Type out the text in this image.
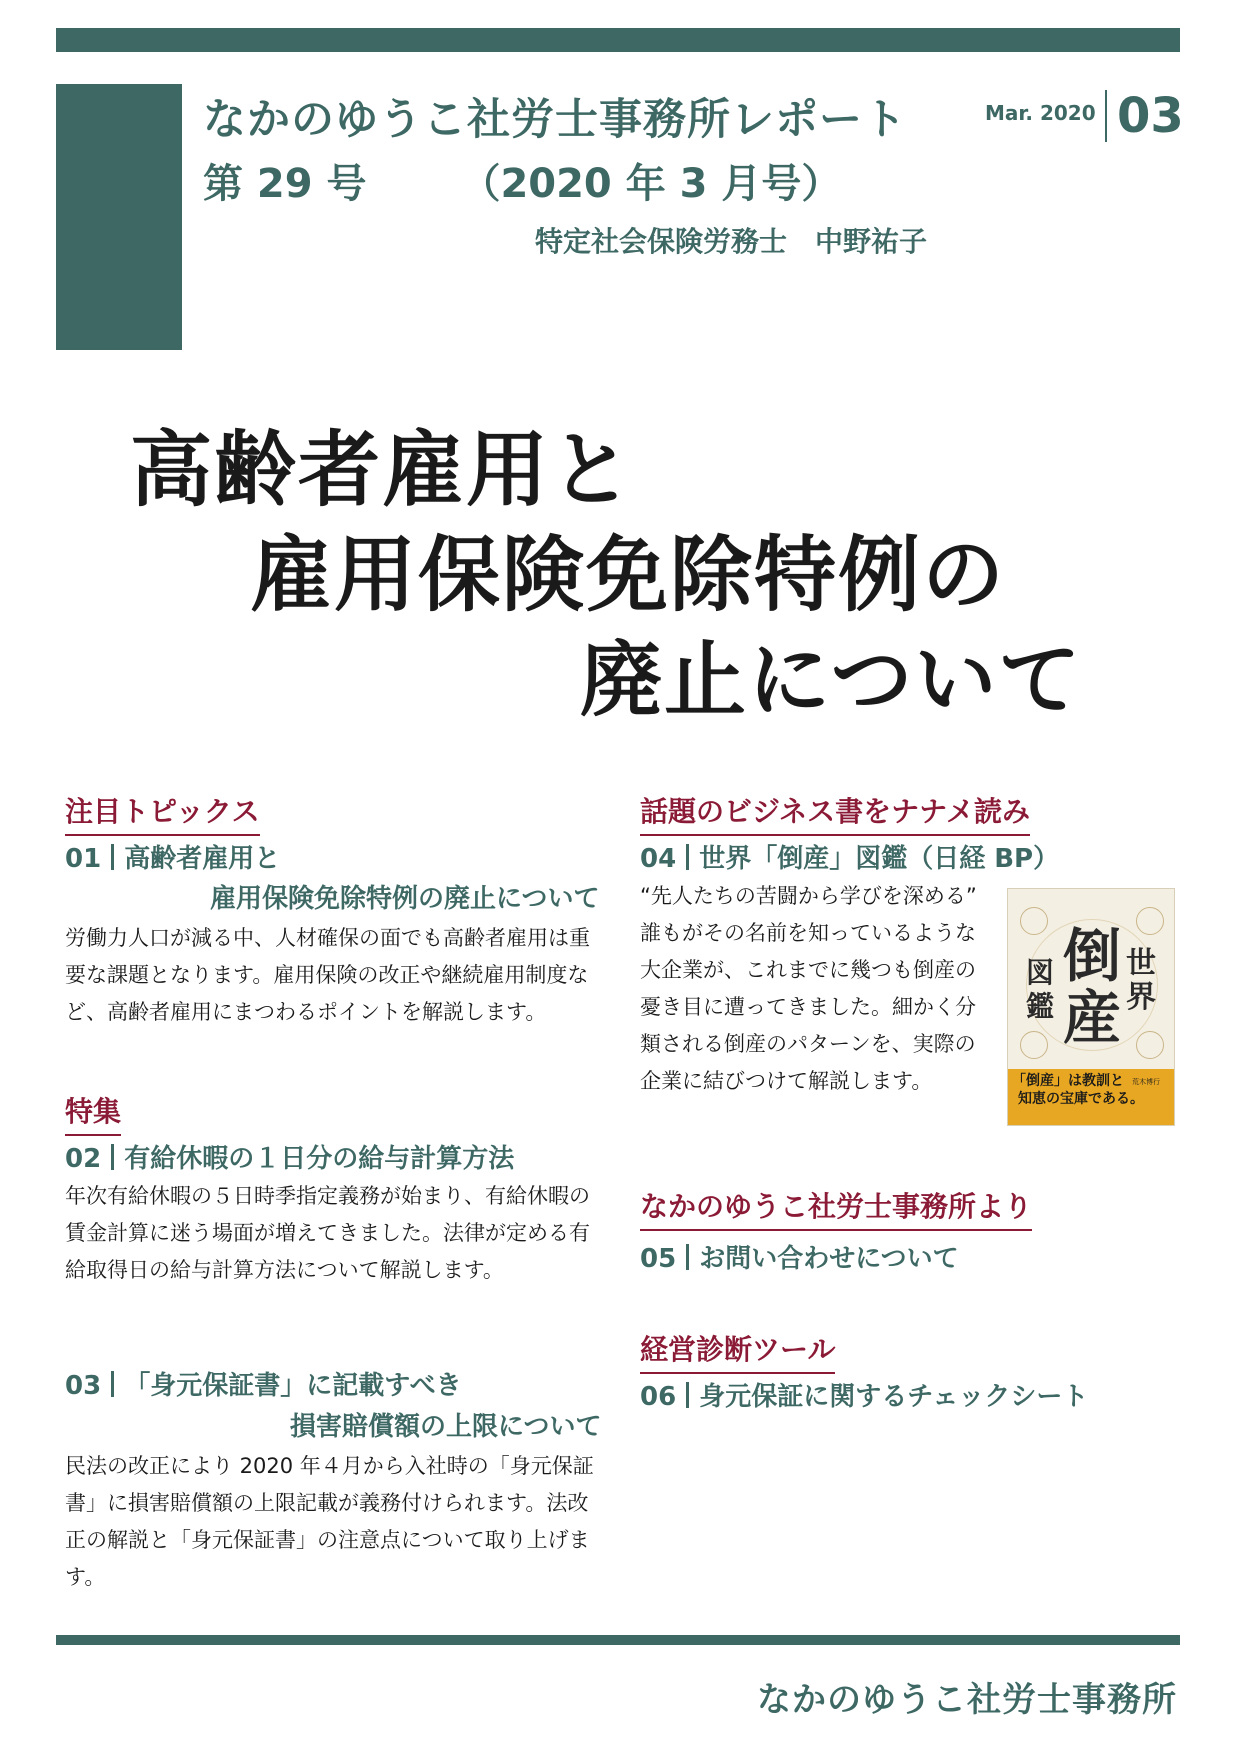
なかのゆうこ社労士事務所レポート
第 29 号　　 （2020 年 3 月号）
Mar. 2020 03
特定社会保険労務士　中野祐子
高齢者雇用と
雇用保険免除特例の
廃止について
注目トピックス
01 高齢者雇用と
雇用保険免除特例の廃止について
労働力人口が減る中、人材確保の面でも高齢者雇用は重
要な課題となります。雇用保険の改正や継続雇用制度な
ど、高齢者雇用にまつわるポイントを解説します。
特集
02 有給休暇の１日分の給与計算方法
年次有給休暇の５日時季指定義務が始まり、有給休暇の
賃金計算に迷う場面が増えてきました。法律が定める有
給取得日の給与計算方法について解説します。
03 「身元保証書」に記載すべき
損害賠償額の上限について
民法の改正により 2020 年４月から入社時の「身元保証
書」に損害賠償額の上限記載が義務付けられます。法改
正の解説と「身元保証書」の注意点について取り上げま
す。
話題のビジネス書をナナメ読み
04 世界「倒産」図鑑（日経 BP）
“先人たちの苦闘から学びを深める”
誰もがその名前を知っているような
大企業が、これまでに幾つも倒産の
憂き目に遭ってきました。細かく分
類される倒産のパターンを、実際の
企業に結びつけて解説します。
倒
産
世
界
図
鑑
「倒産」は教訓と 荒木博行
知恵の宝庫である。
なかのゆうこ社労士事務所より
05 お問い合わせについて
経営診断ツール
06 身元保証に関するチェックシート
なかのゆうこ社労士事務所
